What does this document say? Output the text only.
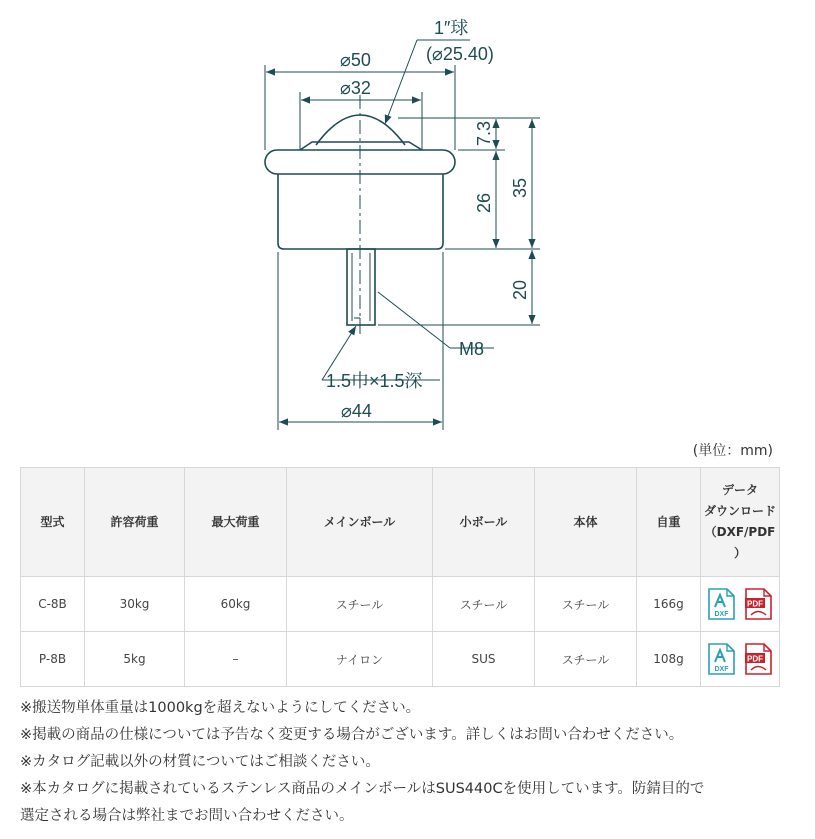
1″球
(⌀25.40)
⌀50
⌀32
7.3
35
26
20
M8
1.5巾×1.5深
⌀44
(単位：mm)
型式	許容荷重	最大荷重	メインボール	小ボール	本体	自重	データ
ダウンロード
（DXF/PDF
）

C-8B	30kg	60kg	スチール	スチール	スチール	166g	DXF

PDF

P-8B	5kg	–	ナイロン	SUS	スチール	108g	DXF

PDF

※搬送物単体重量は1000kgを超えないようにしてください。

※掲載の商品の仕様については予告なく変更する場合がございます。詳しくはお問い合わせください。

※カタログ記載以外の材質についてはご相談ください。

※本カタログに掲載されているステンレス商品のメインボールはSUS440Cを使用しています。防錆目的で

選定される場合は弊社までお問い合わせください。
